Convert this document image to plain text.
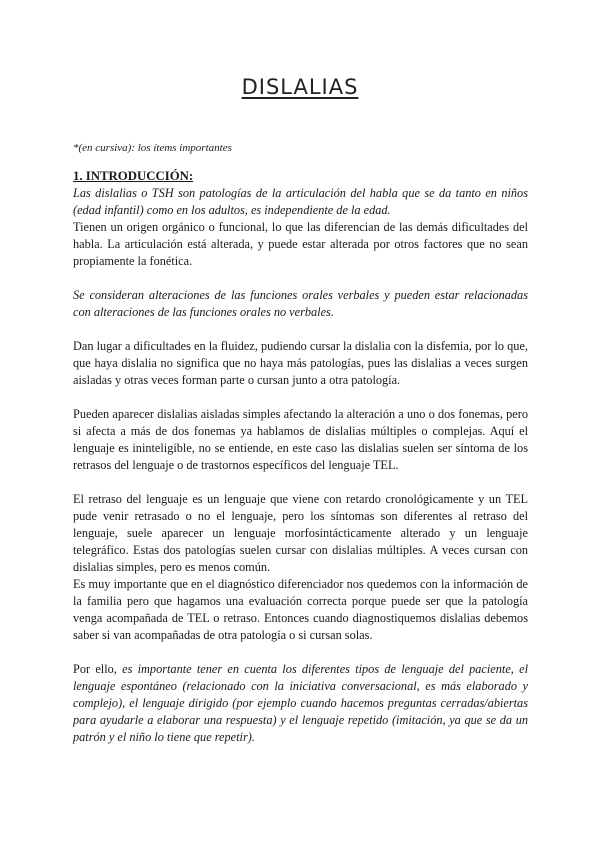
DISLALIAS
*(en cursiva): los ítems importantes
1. INTRODUCCIÓN:

Las dislalias o TSH son patologías de la articulación del habla que se da tanto en niños (edad infantil) como en los adultos, es independiente de la edad.

Tienen un origen orgánico o funcional, lo que las diferencian de las demás dificultades del habla. La articulación está alterada, y puede estar alterada por otros factores que no sean propiamente la fonética.

Se consideran alteraciones de las funciones orales verbales y pueden estar relacionadas con alteraciones de las funciones orales no verbales.

Dan lugar a dificultades en la fluidez, pudiendo cursar la dislalia con la disfemia, por lo que, que haya dislalia no significa que no haya más patologías, pues las dislalias a veces surgen aisladas y otras veces forman parte o cursan junto a otra patología.

Pueden aparecer dislalias aisladas simples afectando la alteración a uno o dos fonemas, pero si afecta a más de dos fonemas ya hablamos de dislalias múltiples o complejas. Aquí el lenguaje es ininteligible, no se entiende, en este caso las dislalias suelen ser síntoma de los retrasos del lenguaje o de trastornos específicos del lenguaje TEL.

El retraso del lenguaje es un lenguaje que viene con retardo cronológicamente y un TEL pude venir retrasado o no el lenguaje, pero los síntomas son diferentes al retraso del lenguaje, suele aparecer un lenguaje morfosintácticamente alterado y un lenguaje telegráfico. Estas dos patologías suelen cursar con dislalias múltiples. A veces cursan con dislalias simples, pero es menos común.

Es muy importante que en el diagnóstico diferenciador nos quedemos con la información de la familia pero que hagamos una evaluación correcta porque puede ser que la patología venga acompañada de TEL o retraso. Entonces cuando diagnostiquemos dislalias debemos saber si van acompañadas de otra patología o si cursan solas.

Por ello, es importante tener en cuenta los diferentes tipos de lenguaje del paciente, el lenguaje espontáneo (relacionado con la iniciativa conversacional, es más elaborado y complejo), el lenguaje dirigido (por ejemplo cuando hacemos preguntas cerradas/abiertas para ayudarle a elaborar una respuesta) y el lenguaje repetido (imitación, ya que se da un patrón y el niño lo tiene que repetir).
